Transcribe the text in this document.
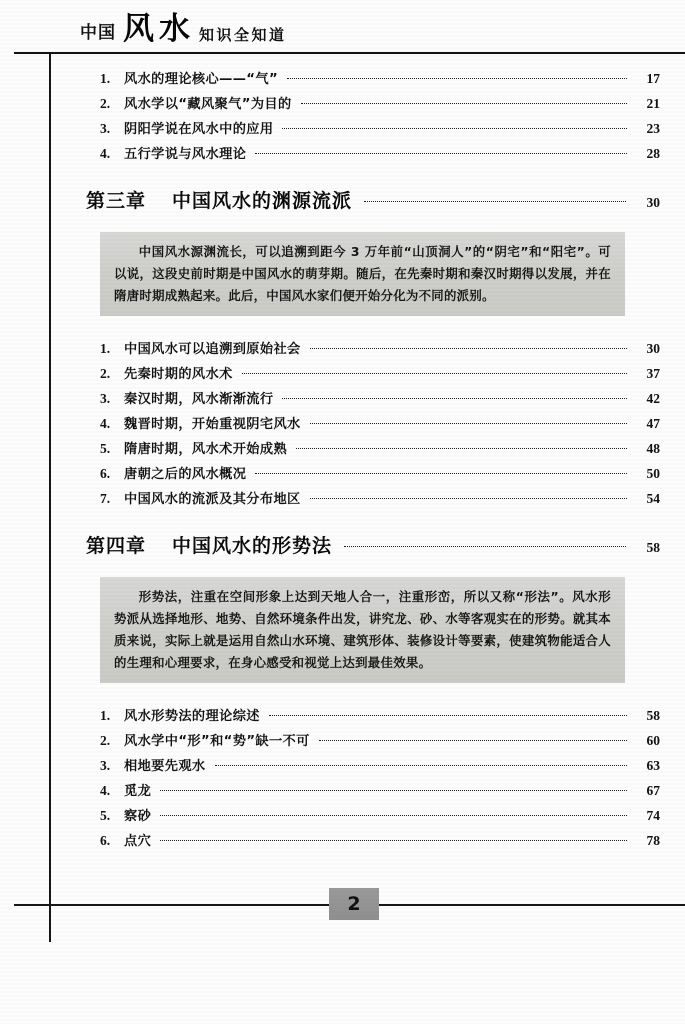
中国 风水 知识全知道
1.	风水的理论核心——“气”	17
2.	风水学以“藏风聚气”为目的	21
3.	阴阳学说在风水中的应用	23
4.	五行学说与风水理论	28
第三章 中国风水的渊源流派	30
中国风水源渊流长，可以追溯到距今 3 万年前“山顶洞人”的“阴宅”和“阳宅”。可以说，这段史前时期是中国风水的萌芽期。随后，在先秦时期和秦汉时期得以发展，并在隋唐时期成熟起来。此后，中国风水家们便开始分化为不同的派别。
1.	中国风水可以追溯到原始社会	30
2.	先秦时期的风水术	37
3.	秦汉时期，风水渐渐流行	42
4.	魏晋时期，开始重视阴宅风水	47
5.	隋唐时期，风水术开始成熟	48
6.	唐朝之后的风水概况	50
7.	中国风水的流派及其分布地区	54
第四章 中国风水的形势法	58
形势法，注重在空间形象上达到天地人合一，注重形峦，所以又称“形法”。风水形势派从选择地形、地势、自然环境条件出发，讲究龙、砂、水等客观实在的形势。就其本质来说，实际上就是运用自然山水环境、建筑形体、装修设计等要素，使建筑物能适合人的生理和心理要求，在身心感受和视觉上达到最佳效果。
1.	风水形势法的理论综述	58
2.	风水学中“形”和“势”缺一不可	60
3.	相地要先观水	63
4.	觅龙	67
5.	察砂	74
6.	点穴	78
2
